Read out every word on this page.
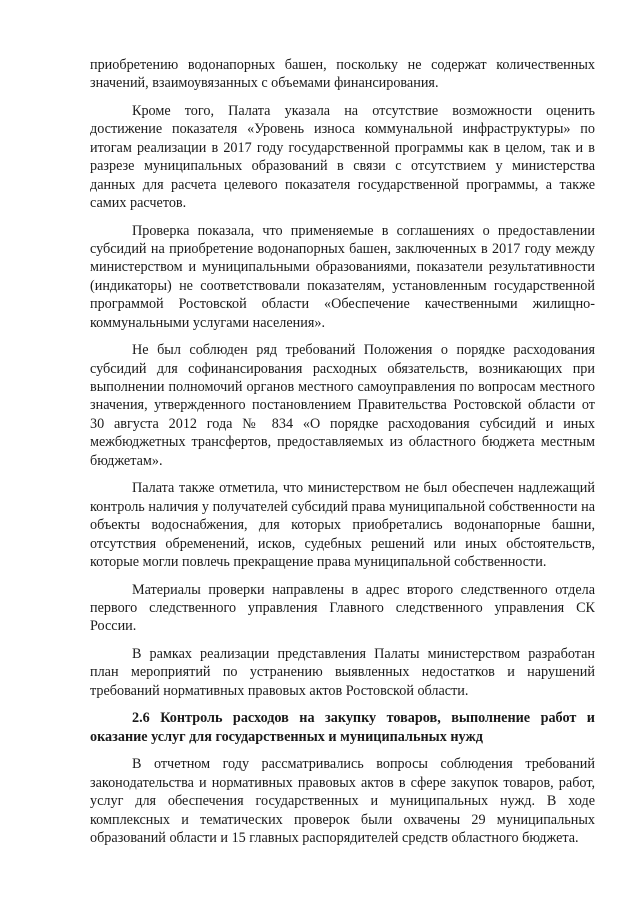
приобретению водонапорных башен, поскольку не содержат количественных значений, взаимоувязанных с объемами финансирования.

Кроме того, Палата указала на отсутствие возможности оценить достижение показателя «Уровень износа коммунальной инфраструктуры» по итогам реализации в 2017 году государственной программы как в целом, так и в разрезе муниципальных образований в связи с отсутствием у министерства данных для расчета целевого показателя государственной программы, а также самих расчетов.

Проверка показала, что применяемые в соглашениях о предоставлении субсидий на приобретение водонапорных башен, заключенных в 2017 году между министерством и муниципальными образованиями, показатели результативности (индикаторы) не соответствовали показателям, установленным государственной программой Ростовской области «Обеспечение качественными жилищно-коммунальными услугами населения».

Не был соблюден ряд требований Положения о порядке расходования субсидий для софинансирования расходных обязательств, возникающих при выполнении полномочий органов местного самоуправления по вопросам местного значения, утвержденного постановлением Правительства Ростовской области от 30 августа 2012 года № 834 «О порядке расходования субсидий и иных межбюджетных трансфертов, предоставляемых из областного бюджета местным бюджетам».

Палата также отметила, что министерством не был обеспечен надлежащий контроль наличия у получателей субсидий права муниципальной собственности на объекты водоснабжения, для которых приобретались водонапорные башни, отсутствия обременений, исков, судебных решений или иных обстоятельств, которые могли повлечь прекращение права муниципальной собственности.

Материалы проверки направлены в адрес второго следственного отдела первого следственного управления Главного следственного управления СК России.

В рамках реализации представления Палаты министерством разработан план мероприятий по устранению выявленных недостатков и нарушений требований нормативных правовых актов Ростовской области.

2.6 Контроль расходов на закупку товаров, выполнение работ и оказание услуг для государственных и муниципальных нужд

В отчетном году рассматривались вопросы соблюдения требований законодательства и нормативных правовых актов в сфере закупок товаров, работ, услуг для обеспечения государственных и муниципальных нужд. В ходе комплексных и тематических проверок были охвачены 29 муниципальных образований области и 15 главных распорядителей средств областного бюджета.
